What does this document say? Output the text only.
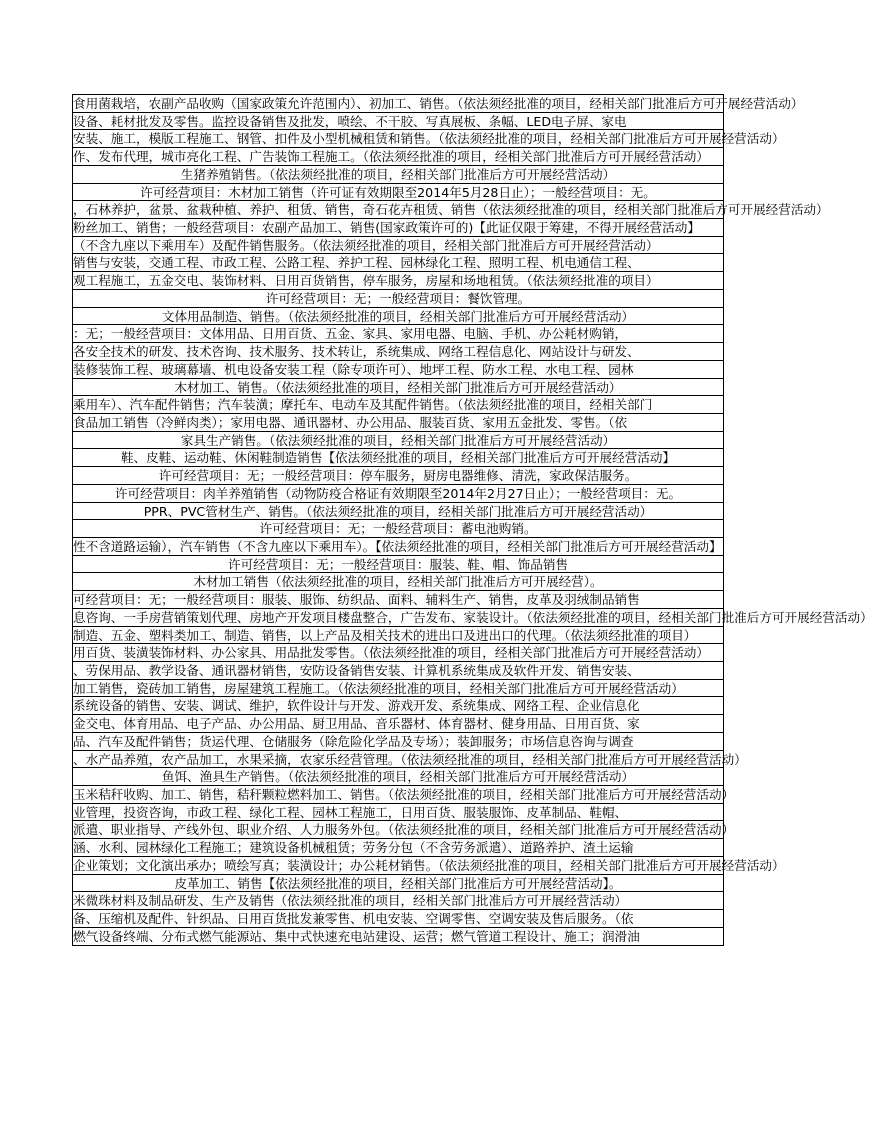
食用菌栽培，农副产品收购（国家政策允许范围内）、初加工、销售。（依法须经批准的项目，经相关部门批准后方可开展经营活动）
设备、耗材批发及零售。监控设备销售及批发，喷绘、不干胶、写真展板、条幅、LED电子屏、家电
安装、施工，模版工程施工、钢管、扣件及小型机械租赁和销售。（依法须经批准的项目，经相关部门批准后方可开展经营活动）
作、发布代理，城市亮化工程、广告装饰工程施工。（依法须经批准的项目，经相关部门批准后方可开展经营活动）
生猪养殖销售。（依法须经批准的项目，经相关部门批准后方可开展经营活动）
许可经营项目：木材加工销售（许可证有效期限至2014年5月28日止）；一般经营项目：无。
，石林养护，盆景、盆栽种植、养护、租赁、销售，奇石花卉租赁、销售（依法须经批准的项目，经相关部门批准后方可开展经营活动）
粉丝加工、销售；一般经营项目：农副产品加工、销售(国家政策许可的)【此证仅限于筹建，不得开展经营活动】
（不含九座以下乘用车）及配件销售服务。（依法须经批准的项目，经相关部门批准后方可开展经营活动）
销售与安装，交通工程、市政工程、公路工程、养护工程、园林绿化工程、照明工程、机电通信工程、
观工程施工，五金交电、装饰材料、日用百货销售，停车服务，房屋和场地租赁。（依法须经批准的项目）
许可经营项目：无；一般经营项目：餐饮管理。
文体用品制造、销售。（依法须经批准的项目，经相关部门批准后方可开展经营活动）
：无；一般经营项目：文体用品、日用百货、五金、家具、家用电器、电脑、手机、办公耗材购销，
各安全技术的研发、技术咨询、技术服务、技术转让，系统集成、网络工程信息化、网站设计与研发、
装修装饰工程、玻璃幕墙、机电设备安装工程（除专项许可）、地坪工程、防水工程、水电工程、园林
木材加工、销售。（依法须经批准的项目，经相关部门批准后方可开展经营活动）
乘用车）、汽车配件销售；汽车装潢；摩托车、电动车及其配件销售。（依法须经批准的项目，经相关部门
食品加工销售（冷鲜肉类）；家用电器、通讯器材、办公用品、服装百货、家用五金批发、零售。（依
家具生产销售。（依法须经批准的项目，经相关部门批准后方可开展经营活动）
鞋、皮鞋、运动鞋、休闲鞋制造销售【依法须经批准的项目，经相关部门批准后方可开展经营活动】
许可经营项目：无；一般经营项目：停车服务，厨房电器维修、清洗，家政保洁服务。
许可经营项目：肉羊养殖销售（动物防疫合格证有效期限至2014年2月27日止）；一般经营项目：无。
PPR、PVC管材生产、销售。（依法须经批准的项目，经相关部门批准后方可开展经营活动）
许可经营项目：无；一般经营项目：蓄电池购销。
性不含道路运输），汽车销售（不含九座以下乘用车）。【依法须经批准的项目，经相关部门批准后方可开展经营活动】
许可经营项目：无；一般经营项目：服装、鞋、帽、饰品销售
木材加工销售（依法须经批准的项目，经相关部门批准后方可开展经营）。
可经营项目：无；一般经营项目：服装、服饰、纺织品、面料、辅料生产、销售，皮革及羽绒制品销售
息咨询、一手房营销策划代理、房地产开发项目楼盘整合，广告发布、家装设计。（依法须经批准的项目，经相关部门批准后方可开展经营活动）
制造、五金、塑料类加工、制造、销售，以上产品及相关技术的进出口及进出口的代理。（依法须经批准的项目）
用百货、装潢装饰材料、办公家具、用品批发零售。（依法须经批准的项目，经相关部门批准后方可开展经营活动）
、劳保用品、教学设备、通讯器材销售，安防设备销售安装、计算机系统集成及软件开发、销售安装、
加工销售，瓷砖加工销售，房屋建筑工程施工。（依法须经批准的项目，经相关部门批准后方可开展经营活动）
系统设备的销售、安装、调试、维护，软件设计与开发、游戏开发、系统集成、网络工程、企业信息化
金交电、体育用品、电子产品、办公用品、厨卫用品、音乐器材、体育器材、健身用品、日用百货、家
品、汽车及配件销售；货运代理、仓储服务（除危险化学品及专场）；装卸服务；市场信息咨询与调查
、水产品养殖，农产品加工，水果采摘，农家乐经营管理。（依法须经批准的项目，经相关部门批准后方可开展经营活动）
鱼饵、渔具生产销售。（依法须经批准的项目，经相关部门批准后方可开展经营活动）
玉米秸秆收购、加工、销售，秸秆颗粒燃料加工、销售。（依法须经批准的项目，经相关部门批准后方可开展经营活动）
业管理，投资咨询，市政工程、绿化工程、园林工程施工，日用百货、服装服饰、皮革制品、鞋帽、
派遣、职业指导、产线外包、职业介绍、人力服务外包。（依法须经批准的项目，经相关部门批准后方可开展经营活动）
涵、水利、园林绿化工程施工；建筑设备机械租赁；劳务分包（不含劳务派遣）、道路养护、渣土运输
企业策划；文化演出承办；喷绘写真；装潢设计；办公耗材销售。（依法须经批准的项目，经相关部门批准后方可开展经营活动）
皮革加工、销售【依法须经批准的项目，经相关部门批准后方可开展经营活动】。
米微珠材料及制品研发、生产及销售（依法须经批准的项目，经相关部门批准后方可开展经营活动）
备、压缩机及配件、针织品、日用百货批发兼零售、机电安装、空调零售、空调安装及售后服务。（依
燃气设备终端、分布式燃气能源站、集中式快速充电站建设、运营；燃气管道工程设计、施工；润滑油
